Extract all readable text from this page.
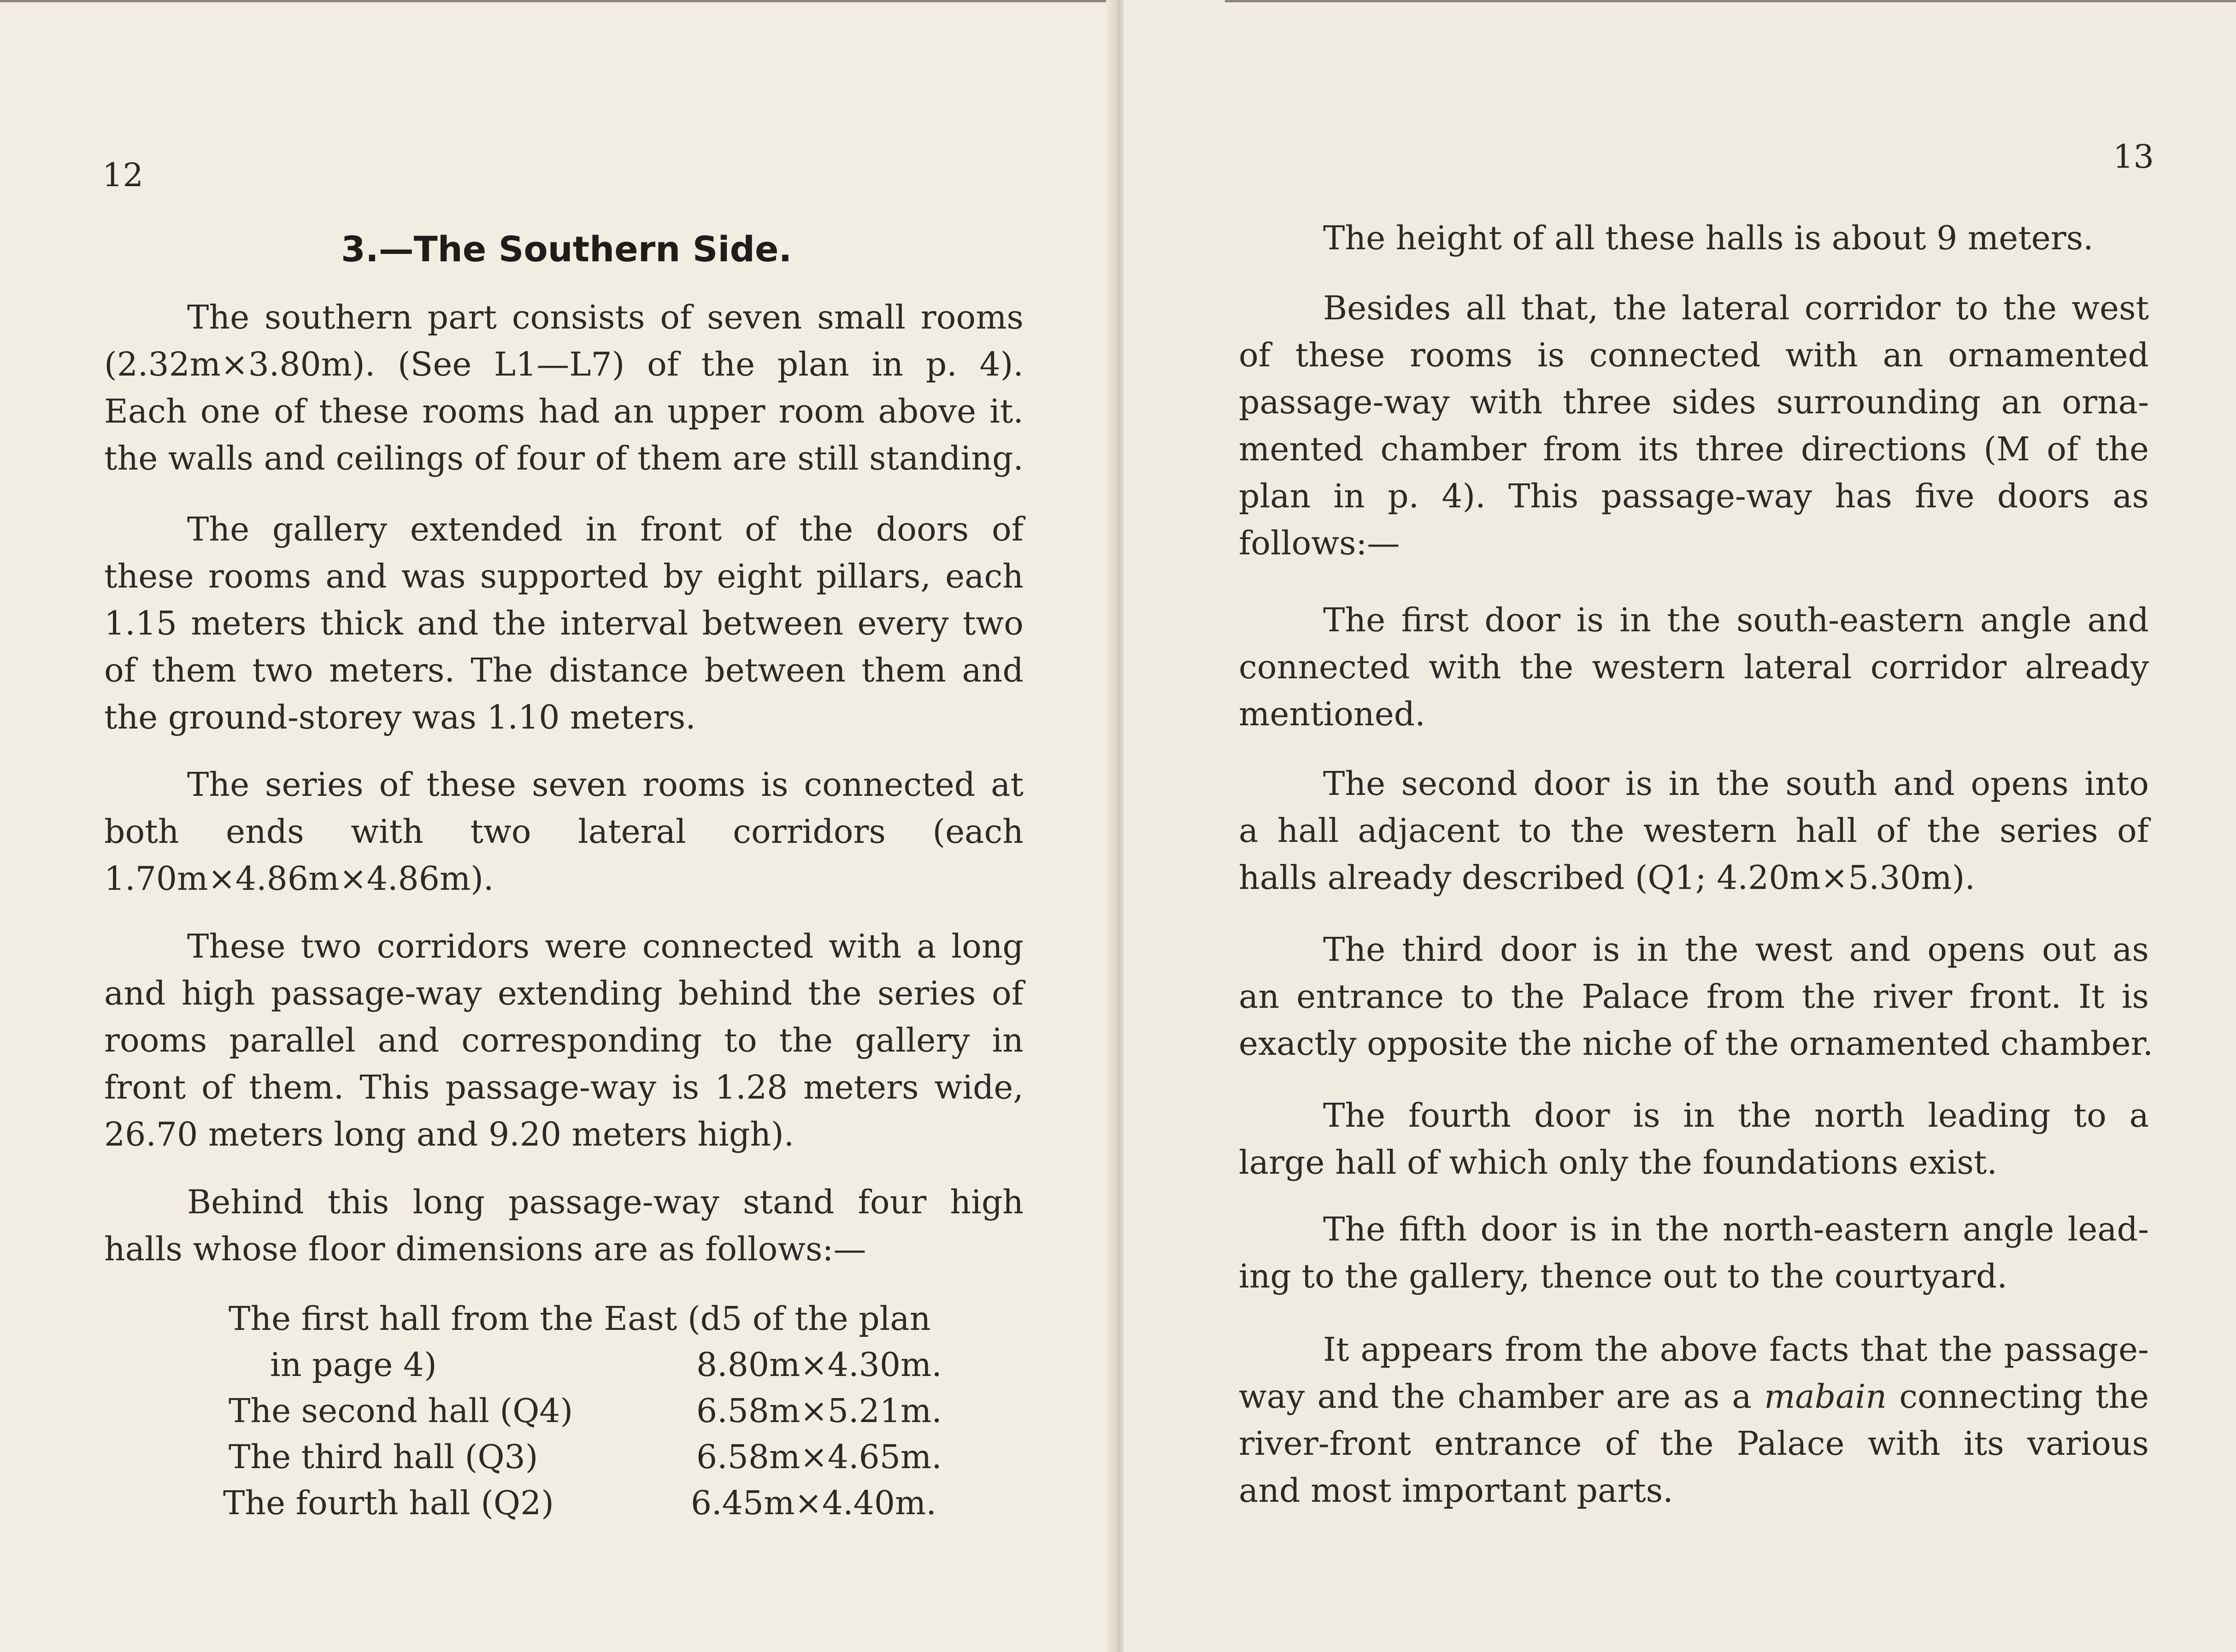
12
3.—The Southern Side.
The southern part consists of seven small rooms
(2.32m×3.80m). (See L1—L7) of the plan in p. 4).
Each one of these rooms had an upper room above it.
the walls and ceilings of four of them are still standing.
The gallery extended in front of the doors of
these rooms and was supported by eight pillars, each
1.15 meters thick and the interval between every two
of them two meters. The distance between them and
the ground-storey was 1.10 meters.
The series of these seven rooms is connected at
both ends with two lateral corridors (each
1.70m×4.86m×4.86m).
These two corridors were connected with a long
and high passage-way extending behind the series of
rooms parallel and corresponding to the gallery in
front of them. This passage-way is 1.28 meters wide,
26.70 meters long and 9.20 meters high).
Behind this long passage-way stand four high
halls whose floor dimensions are as follows:—
The first hall from the East (d5 of the plan
in page 4)	8.80m×4.30m.
The second hall (Q4)	6.58m×5.21m.
The third hall (Q3)	6.58m×4.65m.
The fourth hall (Q2)	6.45m×4.40m.
13
The height of all these halls is about 9 meters.
Besides all that, the lateral corridor to the west
of these rooms is connected with an ornamented
passage-way with three sides surrounding an orna-
mented chamber from its three directions (M of the
plan in p. 4). This passage-way has five doors as
follows:—
The first door is in the south-eastern angle and
connected with the western lateral corridor already
mentioned.
The second door is in the south and opens into
a hall adjacent to the western hall of the series of
halls already described (Q1; 4.20m×5.30m).
The third door is in the west and opens out as
an entrance to the Palace from the river front. It is
exactly opposite the niche of the ornamented chamber.
The fourth door is in the north leading to a
large hall of which only the foundations exist.
The fifth door is in the north-eastern angle lead-
ing to the gallery, thence out to the courtyard.
It appears from the above facts that the passage-
way and the chamber are as a mabain connecting the
river-front entrance of the Palace with its various
and most important parts.
